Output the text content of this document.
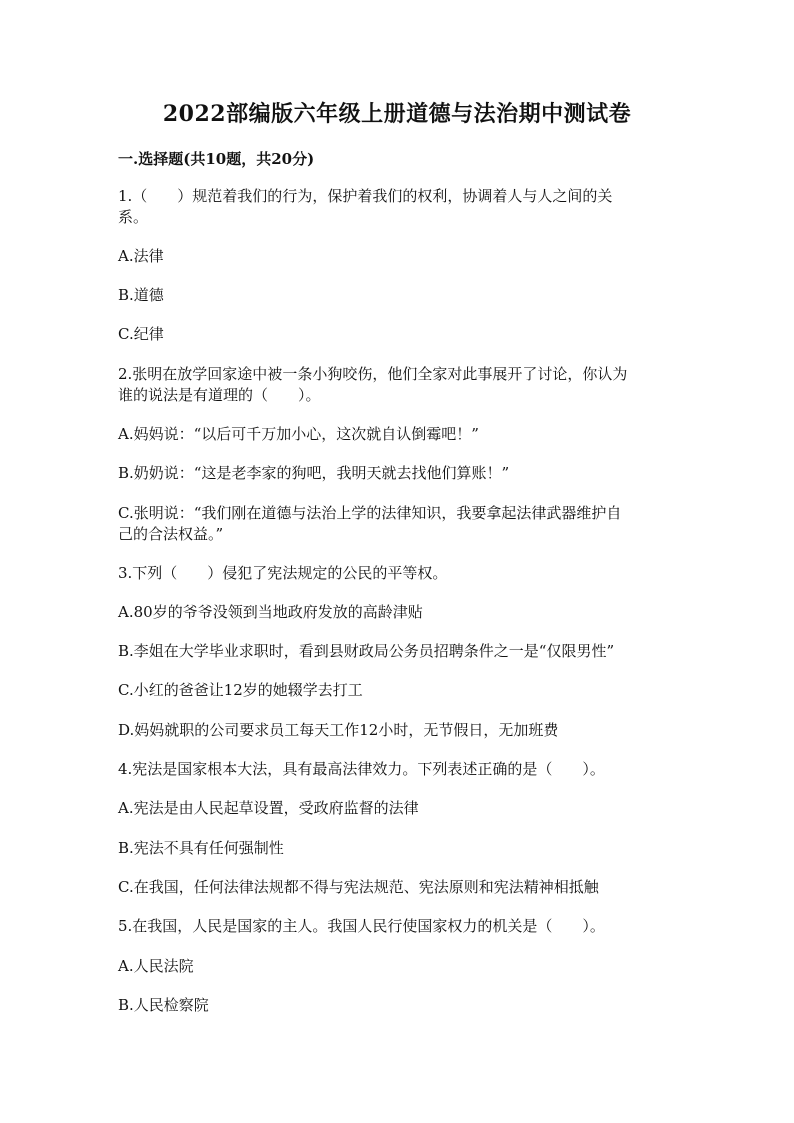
2022部编版六年级上册道德与法治期中测试卷
一.选择题(共10题，共20分)
1.（　　）规范着我们的行为，保护着我们的权利，协调着人与人之间的关
系。
A.法律
B.道德
C.纪律
2.张明在放学回家途中被一条小狗咬伤，他们全家对此事展开了讨论，你认为
谁的说法是有道理的（　　）。
A.妈妈说：“以后可千万加小心，这次就自认倒霉吧！”
B.奶奶说：“这是老李家的狗吧，我明天就去找他们算账！”
C.张明说：“我们刚在道德与法治上学的法律知识，我要拿起法律武器维护自
己的合法权益。”
3.下列（　　）侵犯了宪法规定的公民的平等权。
A.80岁的爷爷没领到当地政府发放的高龄津贴
B.李姐在大学毕业求职时，看到县财政局公务员招聘条件之一是“仅限男性”
C.小红的爸爸让12岁的她辍学去打工
D.妈妈就职的公司要求员工每天工作12小时，无节假日，无加班费
4.宪法是国家根本大法，具有最高法律效力。下列表述正确的是（　　）。
A.宪法是由人民起草设置，受政府监督的法律
B.宪法不具有任何强制性
C.在我国，任何法律法规都不得与宪法规范、宪法原则和宪法精神相抵触
5.在我国，人民是国家的主人。我国人民行使国家权力的机关是（　　）。
A.人民法院
B.人民检察院
